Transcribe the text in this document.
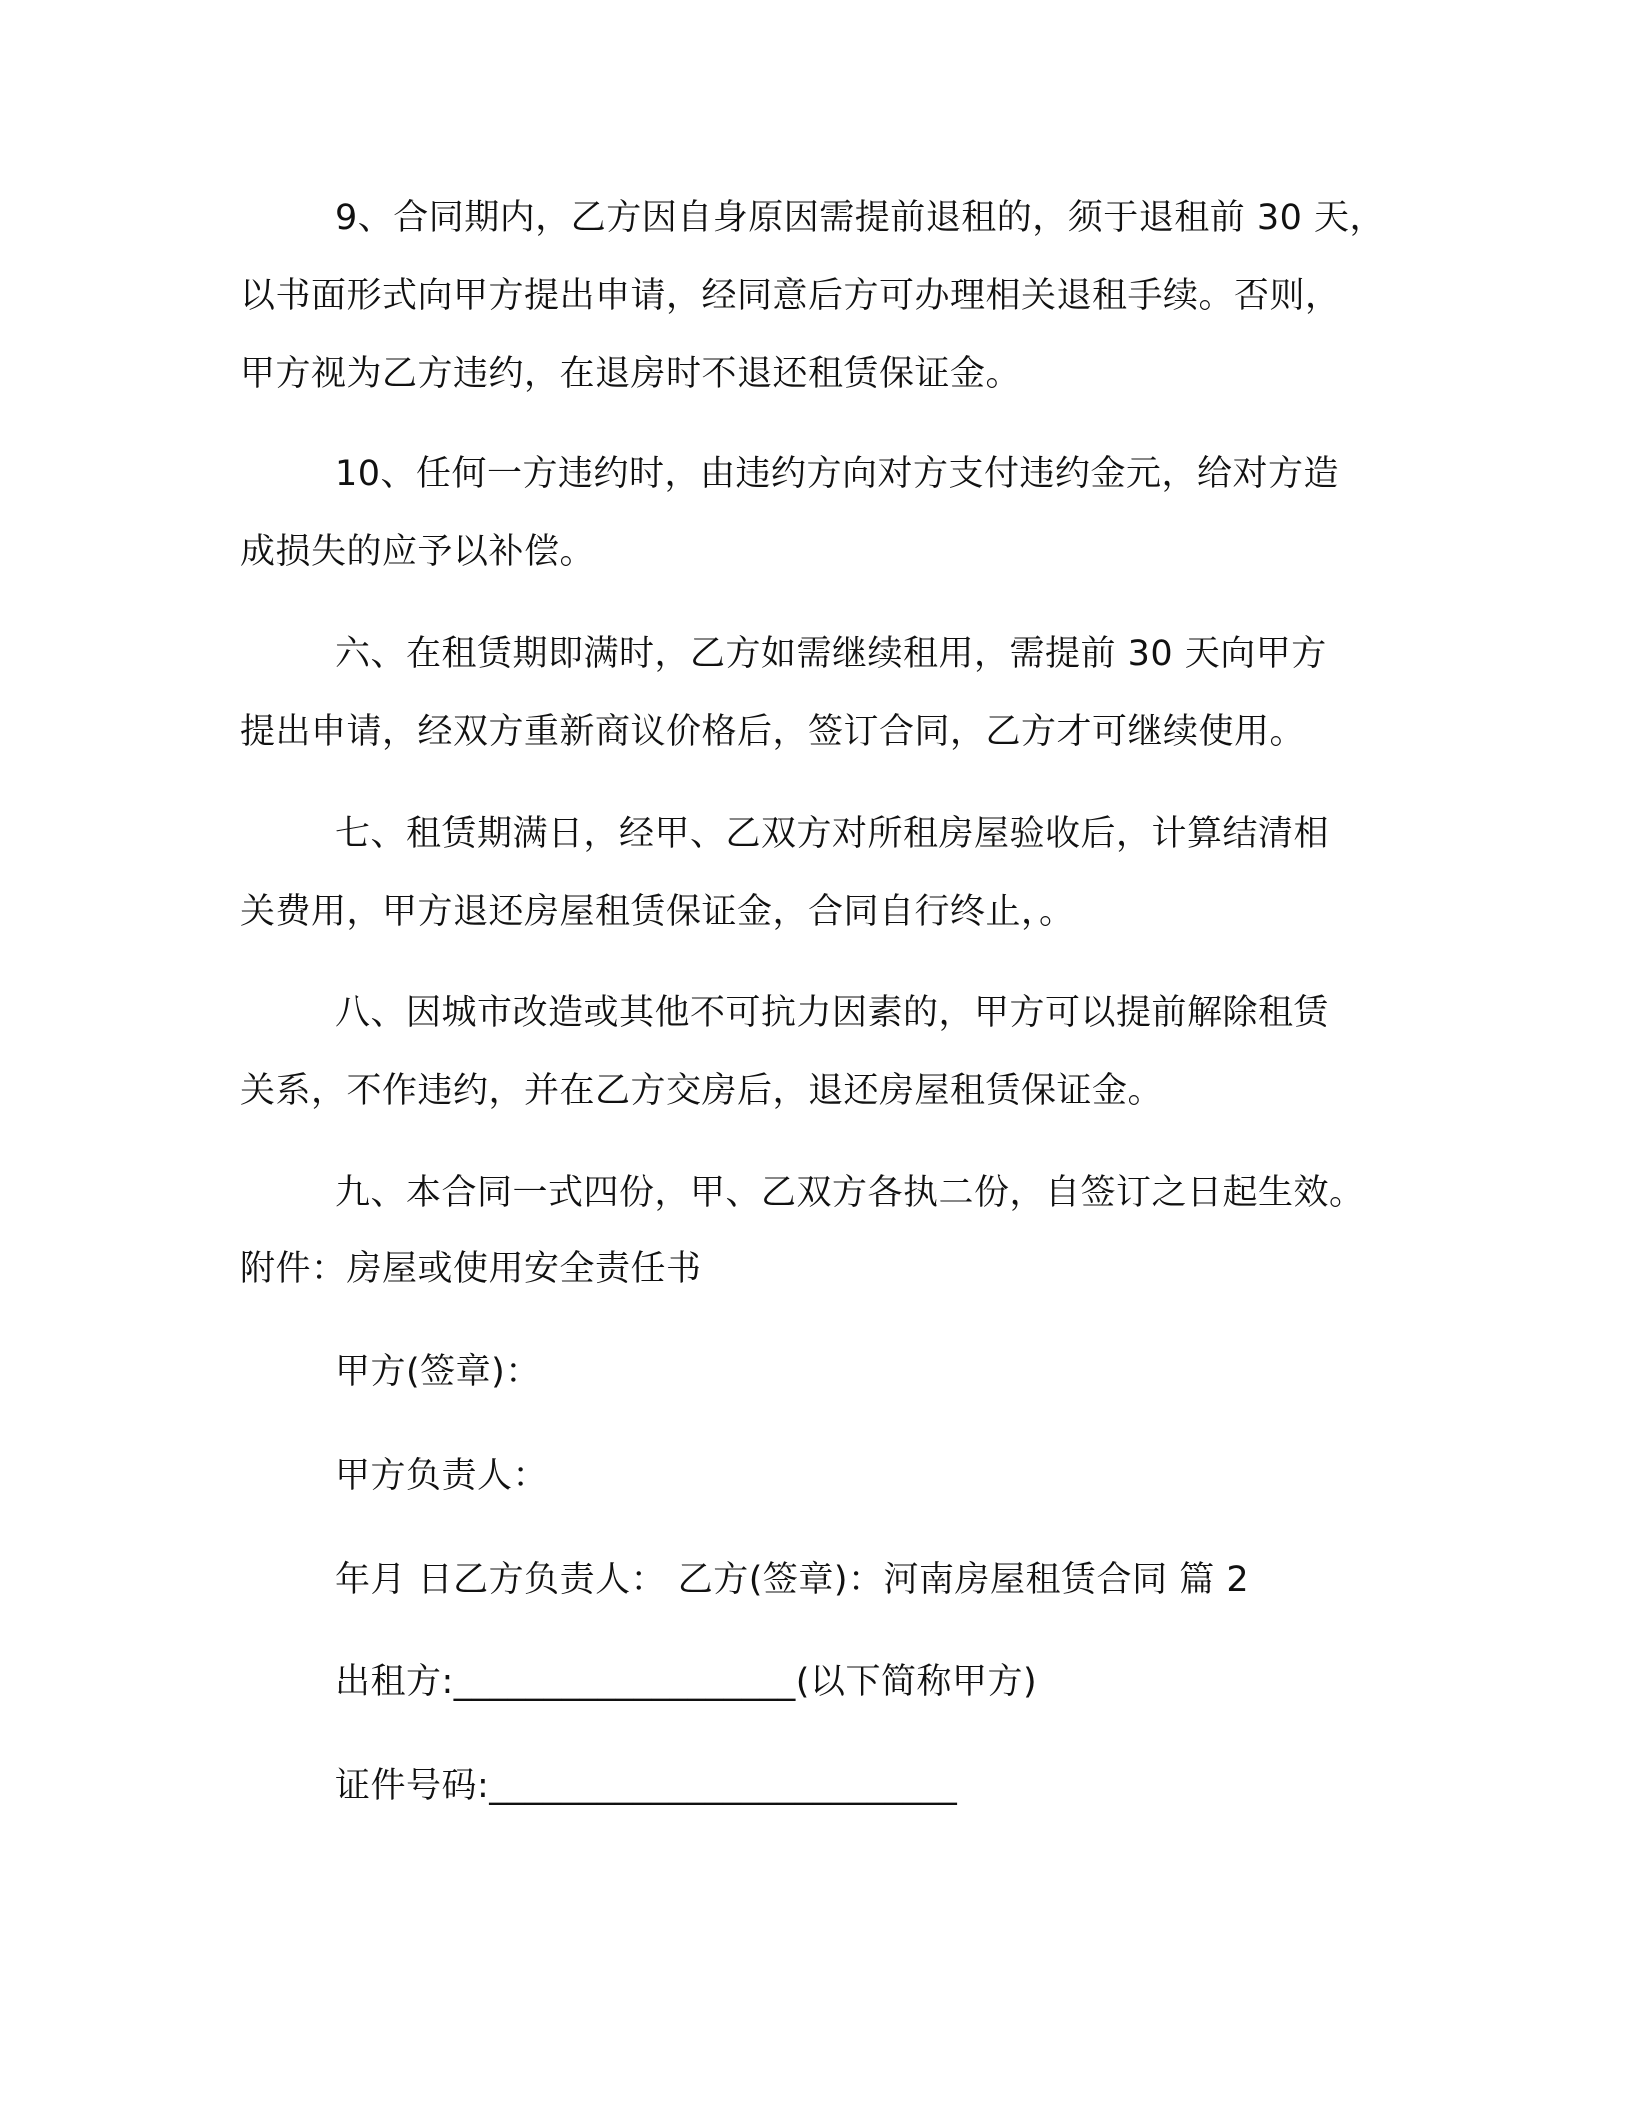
9、合同期内，乙方因自身原因需提前退租的，须于退租前 30 天，
以书面形式向甲方提出申请，经同意后方可办理相关退租手续。否则，
甲方视为乙方违约，在退房时不退还租赁保证金。
10、任何一方违约时，由违约方向对方支付违约金元，给对方造
成损失的应予以补偿。
六、在租赁期即满时，乙方如需继续租用，需提前 30 天向甲方
提出申请，经双方重新商议价格后，签订合同，乙方才可继续使用。
七、租赁期满日，经甲、乙双方对所租房屋验收后，计算结清相
关费用，甲方退还房屋租赁保证金，合同自行终止，。
八、因城市改造或其他不可抗力因素的，甲方可以提前解除租赁
关系，不作违约，并在乙方交房后，退还房屋租赁保证金。
九、本合同一式四份，甲、乙双方各执二份，自签订之日起生效。
附件：房屋或使用安全责任书
甲方(签章)：
甲方负责人：
年月 日乙方负责人： 乙方(签章)：河南房屋租赁合同 篇 2
出租方:___________________(以下简称甲方)
证件号码:__________________________
